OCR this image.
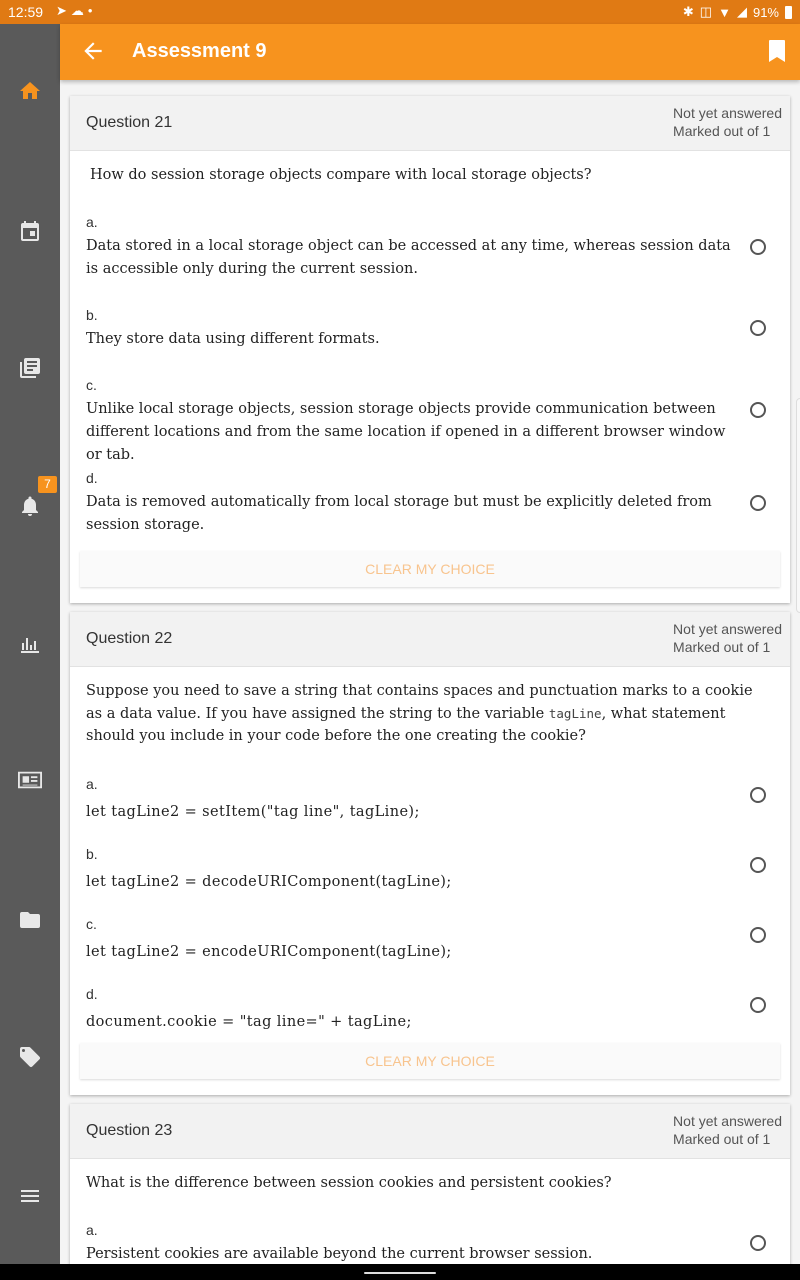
12:59 ➤☁•	✱ ◫ ▼ ◢ 91%
7
Assessment 9
Question 21
Not yet answered
Marked out of 1
How do session storage objects compare with local storage objects?
a.
Data stored in a local storage object can be accessed at any time, whereas session data is accessible only during the current session.
b.
They store data using different formats.
c.
Unlike local storage objects, session storage objects provide communication between different locations and from the same location if opened in a different browser window or tab.
d.
Data is removed automatically from local storage but must be explicitly deleted from session storage.
CLEAR MY CHOICE
Question 22
Not yet answered
Marked out of 1
Suppose you need to save a string that contains spaces and punctuation marks to a cookie as a data value. If you have assigned the string to the variable tagLine, what statement should you include in your code before the one creating the cookie?
a.
let tagLine2 = setItem("tag line", tagLine);
b.
let tagLine2 = decodeURIComponent(tagLine);
c.
let tagLine2 = encodeURIComponent(tagLine);
d.
document.cookie = "tag line=" + tagLine;
CLEAR MY CHOICE
Question 23
Not yet answered
Marked out of 1
What is the difference between session cookies and persistent cookies?
a.
Persistent cookies are available beyond the current browser session.
